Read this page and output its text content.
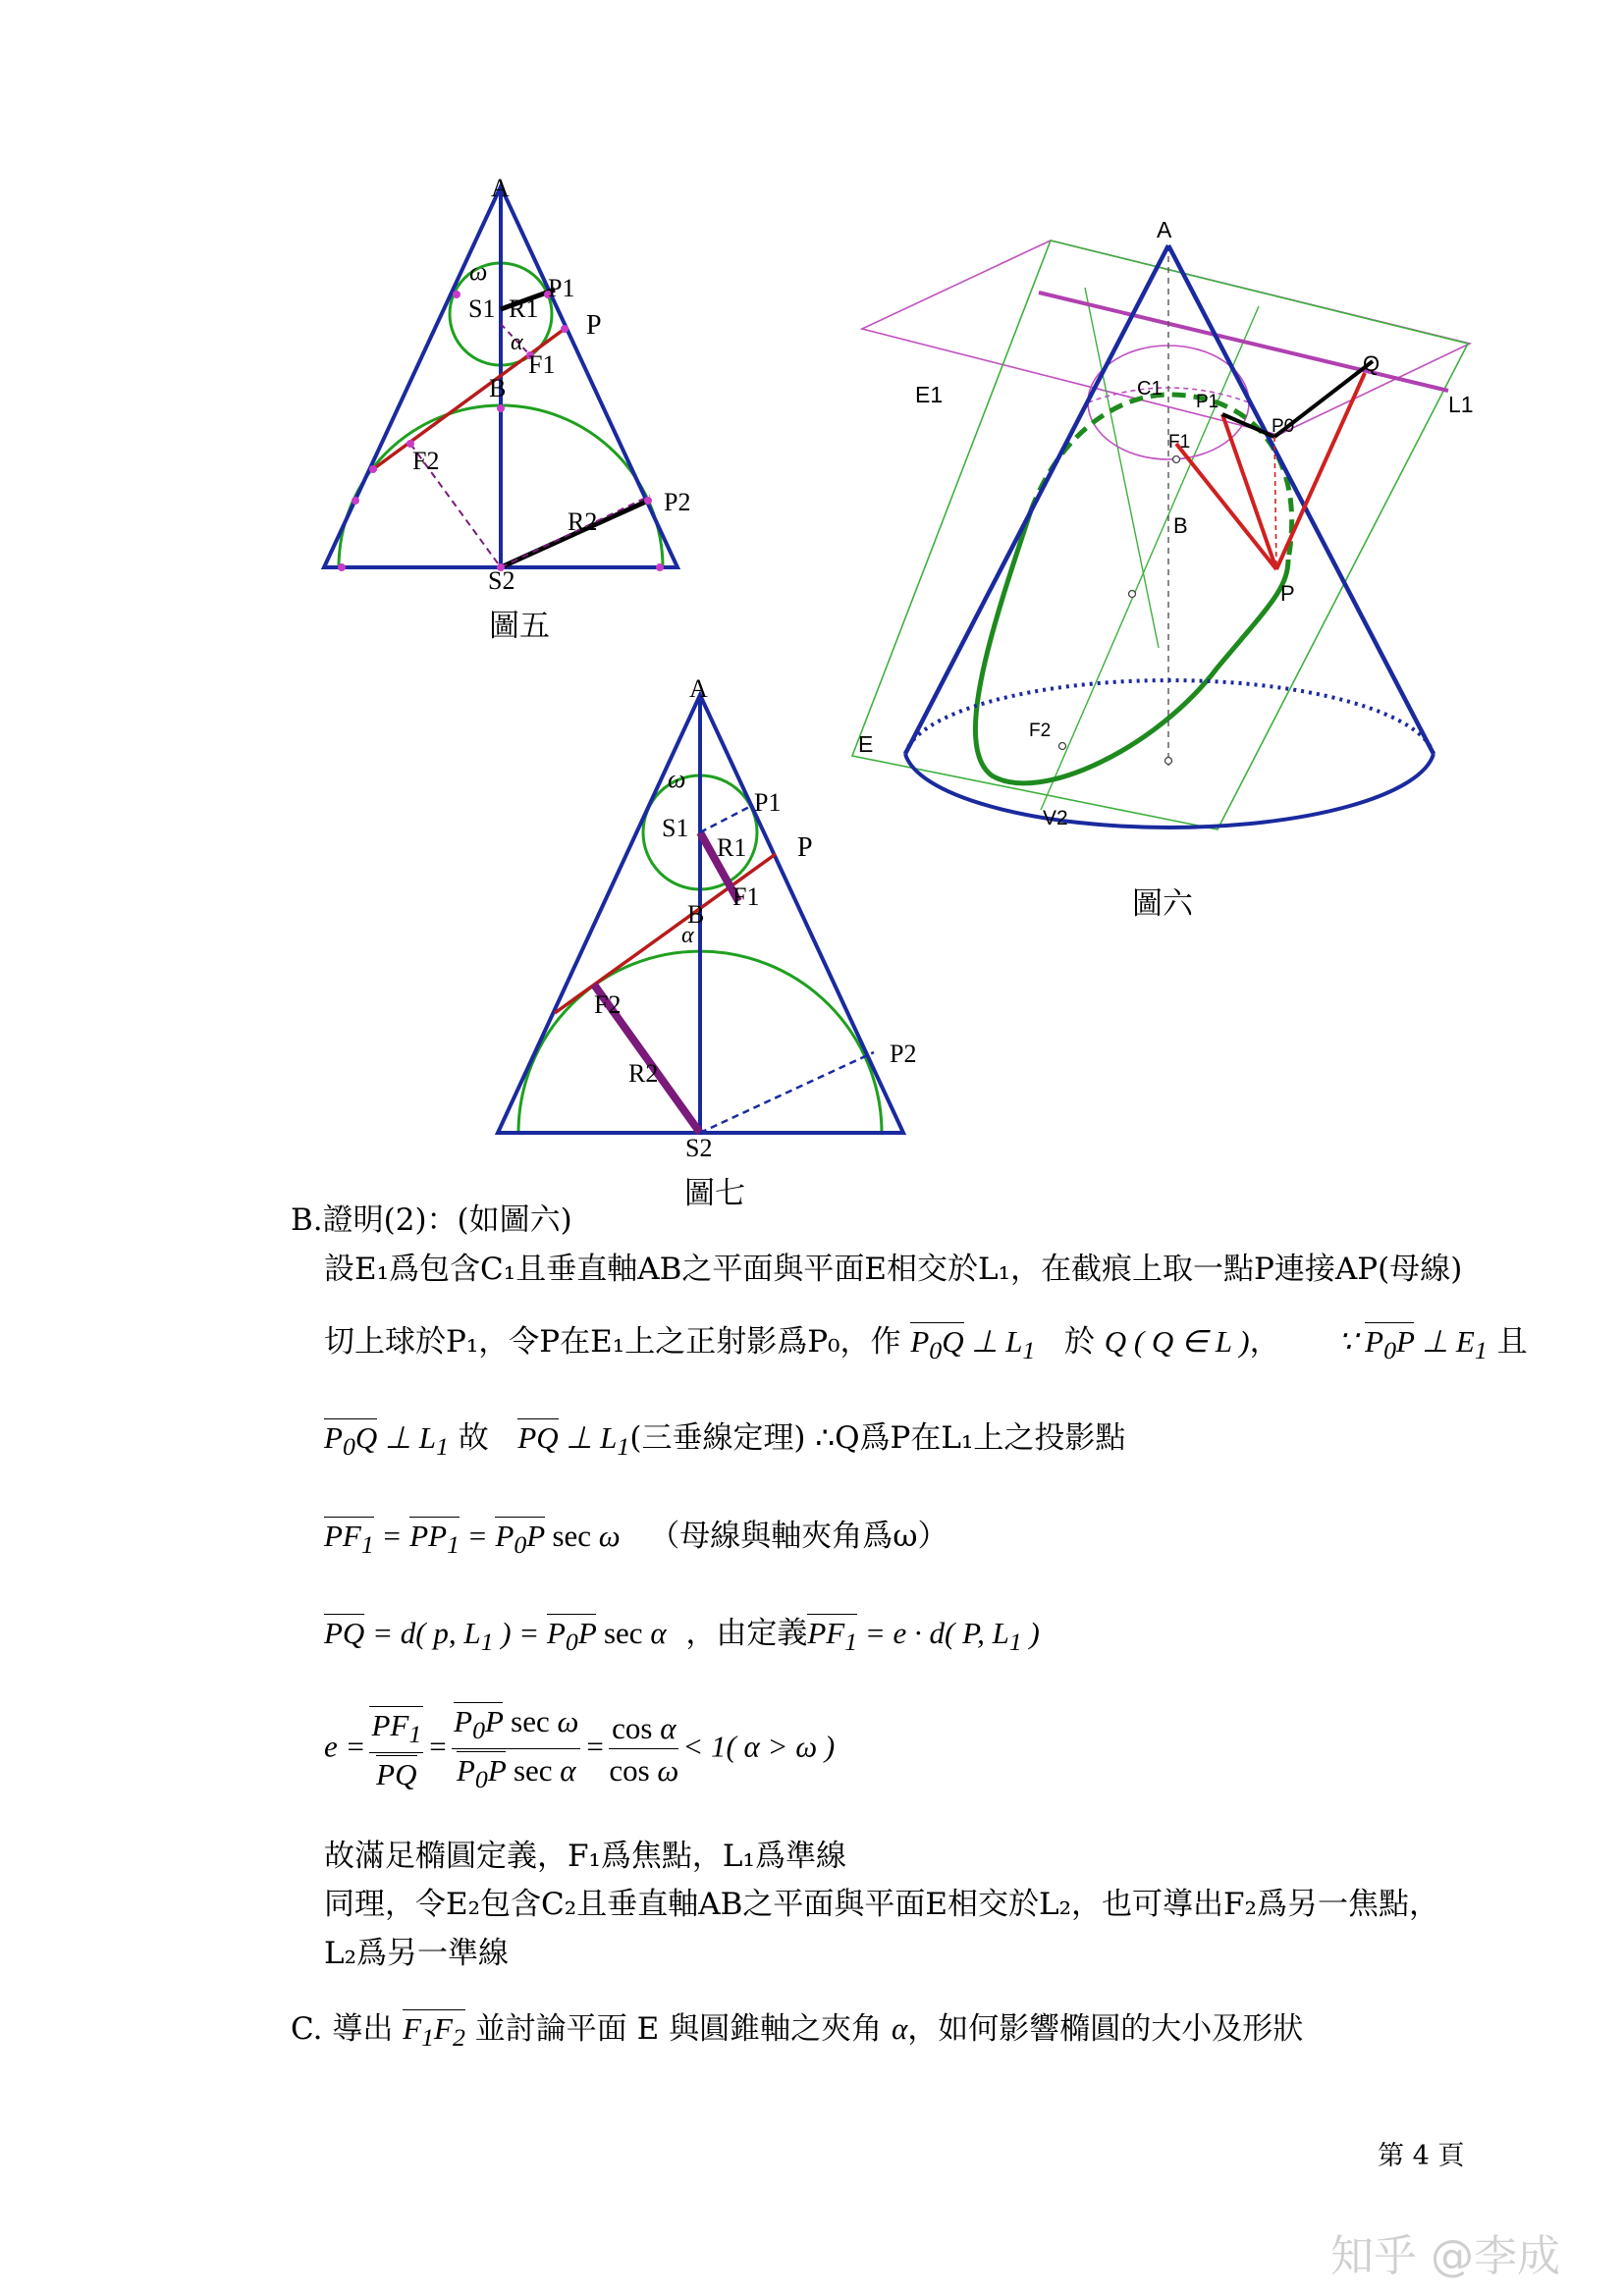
A
ω
P1
S1 R1
P
α
F1
B
F2
P2
R2
S2
A
C1
P1
P0
Q
E1	L1
F1
B
P
E
F2
V2
A
ω
S1
P1
R1 P
F1
B
α
F2
P2
R2
S2
圖五
圖六
圖七
B.證明(2)：(如圖六)
設E₁爲包含C₁且垂直軸AB之平面與平面E相交於L₁，在截痕上取一點P連接AP(母線)
切上球於P₁，令P在E₁上之正射影爲P₀，作 $P_0Q$ ⊥ $L_1$ 於 Q ( Q ∈ L )， ∵ $P_0P$ ⊥ $E_1$ 且
$P_0Q$ ⊥ $L_1$ 故 PQ ⊥ $L_1$(三垂線定理) ∴Q爲P在L₁上之投影點
$PF_1 = PP_1 = P_0P$ sec ω （母線與軸夾角爲ω）
PQ = d( p, $L_1$ ) = $P_0P$ sec α ，由定義$PF_1 = e \cdot d$( P, $L_1$ )
$e = \frac{PF_1}{PQ} = \frac{P_0P \sec \omega}{P_0P \sec \alpha} = \frac{\text{cos α}}{\text{cos ω}} < 1$( α > ω )
故滿足橢圓定義，F₁爲焦點，L₁爲準線
同理，令E₂包含C₂且垂直軸AB之平面與平面E相交於L₂，也可導出F₂爲另一焦點，
L₂爲另一準線
C. 導出 $F_1F_2$ 並討論平面 E 與圓錐軸之夾角 α，如何影響橢圓的大小及形狀
第 4 頁
知乎 @李成
